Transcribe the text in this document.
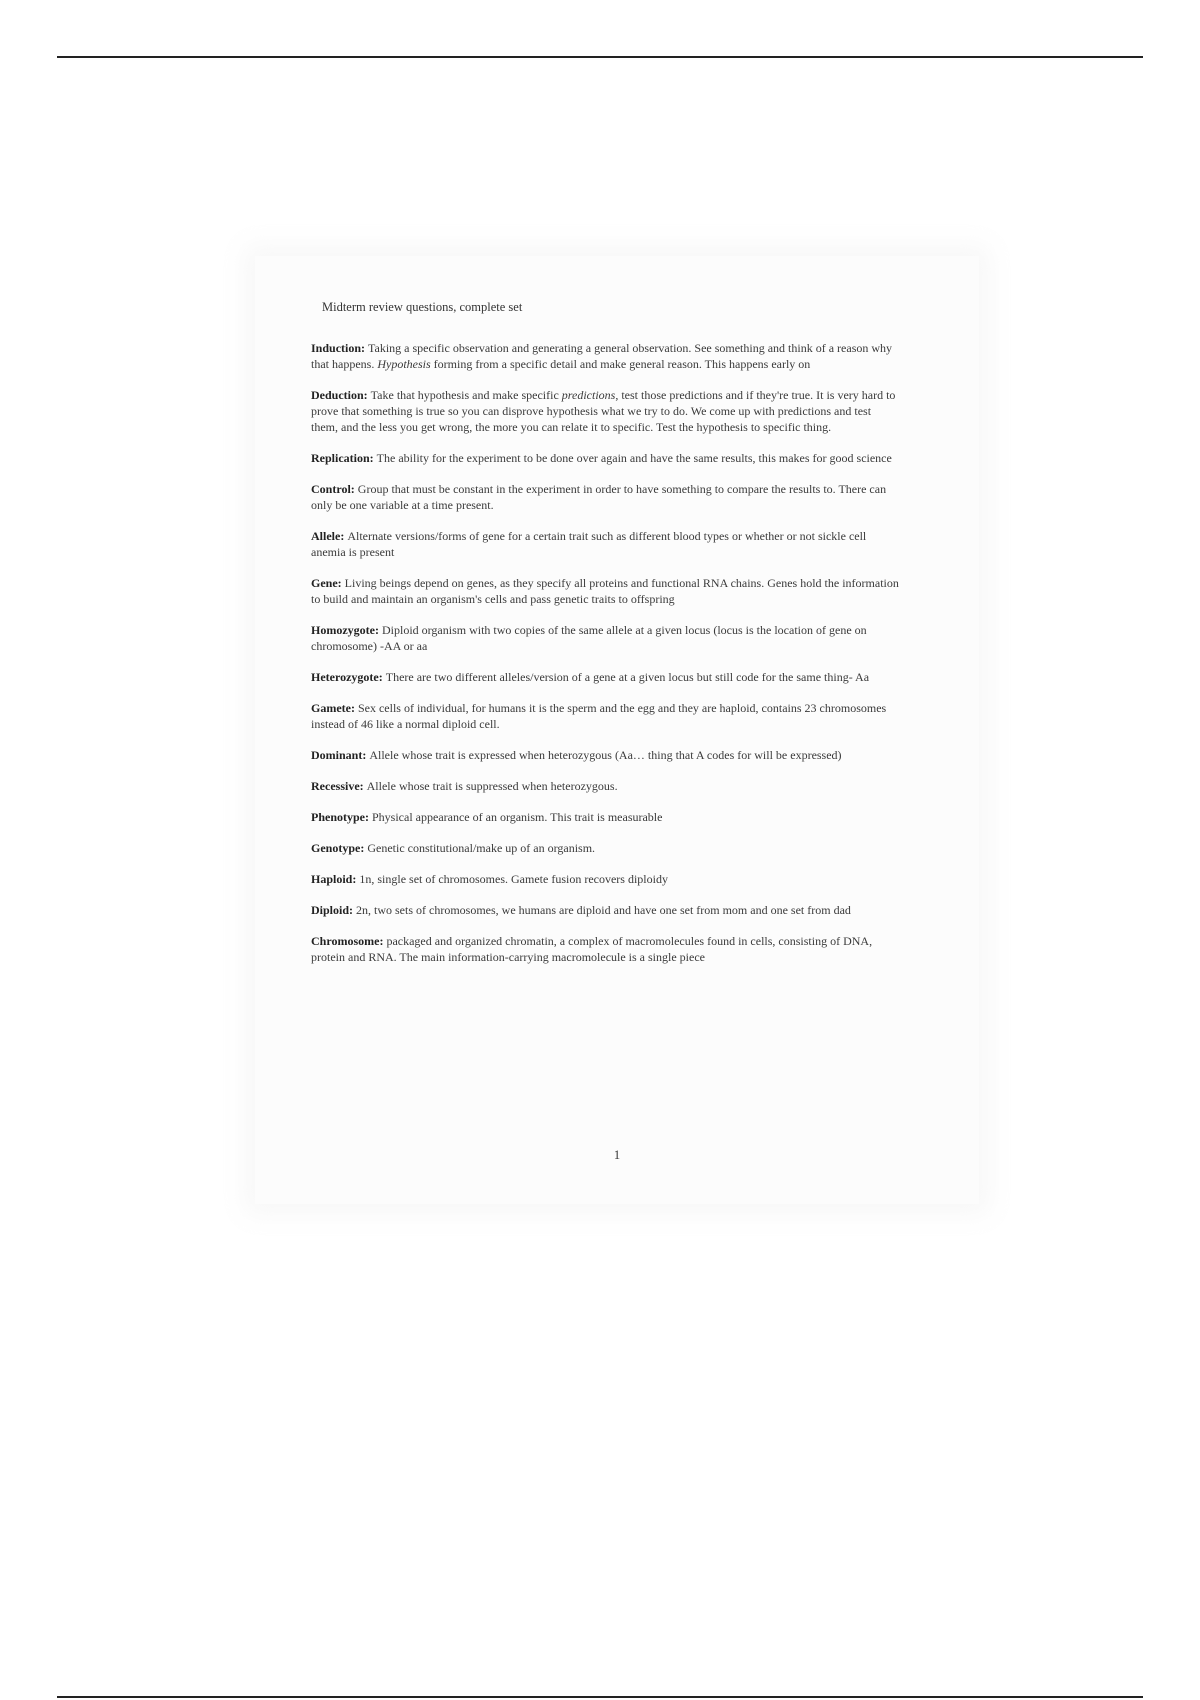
Midterm review questions, complete set

Induction: Taking a specific observation and generating a general observation. See something and think of a reason why that happens. Hypothesis forming from a specific detail and make general reason. This happens early on

Deduction: Take that hypothesis and make specific predictions, test those predictions and if they're true. It is very hard to prove that something is true so you can disprove hypothesis what we try to do. We come up with predictions and test them, and the less you get wrong, the more you can relate it to specific. Test the hypothesis to specific thing.

Replication: The ability for the experiment to be done over again and have the same results, this makes for good science

Control: Group that must be constant in the experiment in order to have something to compare the results to. There can only be one variable at a time present.

Allele: Alternate versions/forms of gene for a certain trait such as different blood types or whether or not sickle cell anemia is present

Gene: Living beings depend on genes, as they specify all proteins and functional RNA chains. Genes hold the information to build and maintain an organism's cells and pass genetic traits to offspring

Homozygote: Diploid organism with two copies of the same allele at a given locus (locus is the location of gene on chromosome) -AA or aa

Heterozygote: There are two different alleles/version of a gene at a given locus but still code for the same thing- Aa

Gamete: Sex cells of individual, for humans it is the sperm and the egg and they are haploid, contains 23 chromosomes instead of 46 like a normal diploid cell.

Dominant: Allele whose trait is expressed when heterozygous (Aa… thing that A codes for will be expressed)

Recessive: Allele whose trait is suppressed when heterozygous.

Phenotype: Physical appearance of an organism. This trait is measurable

Genotype: Genetic constitutional/make up of an organism.

Haploid: 1n, single set of chromosomes. Gamete fusion recovers diploidy

Diploid:2n, two sets of chromosomes, we humans are diploid and have one set from mom and one set from dad

Chromosome: packaged and organized chromatin, a complex of macromolecules found in cells, consisting of DNA, protein and RNA. The main information-carrying macromolecule is a single piece

1
